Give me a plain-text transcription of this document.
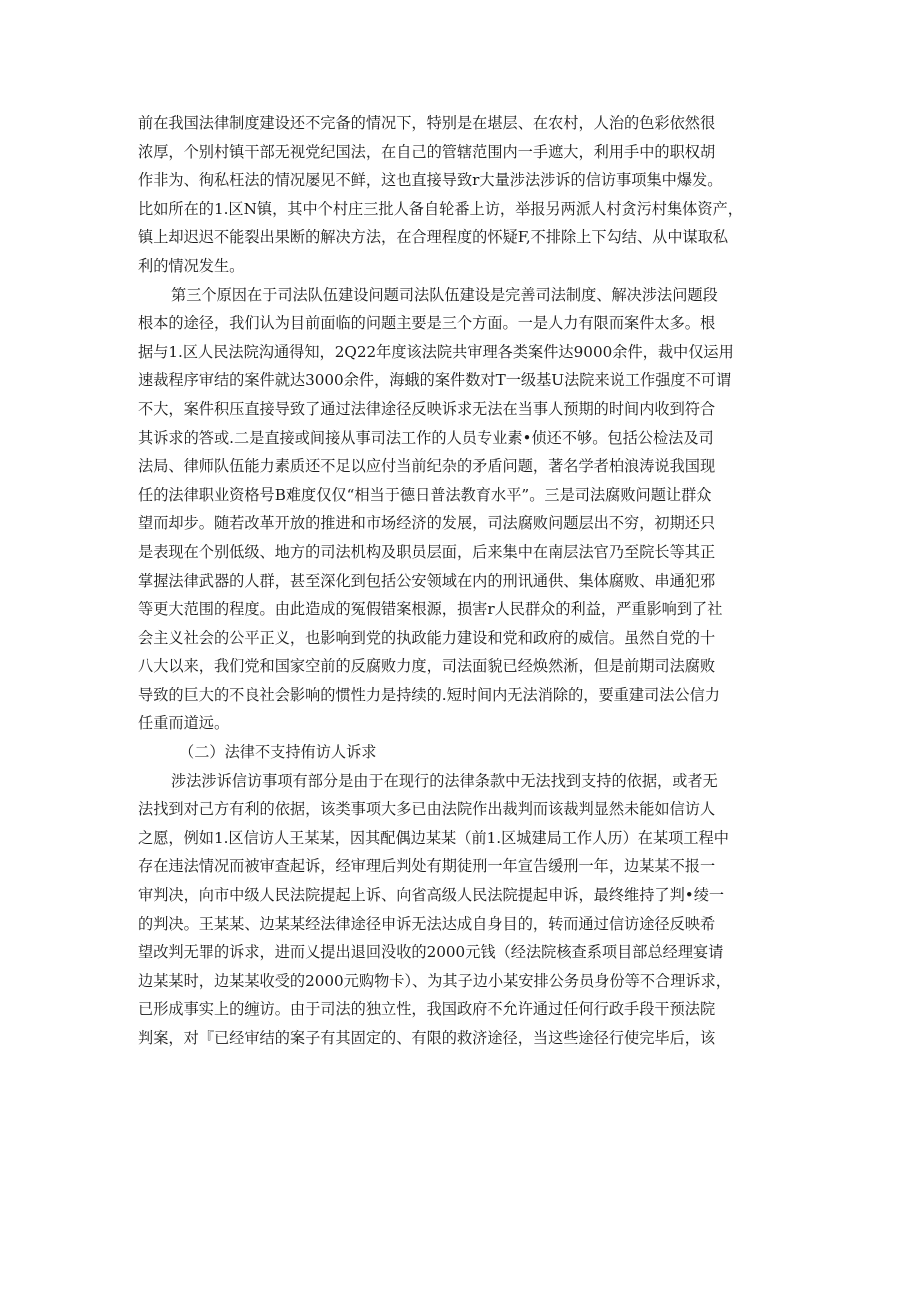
前在我国法律制度建设还不完备的情况下，特别是在堪层、在农村，人治的色彩依然很
浓厚，个别村镇干部无视党纪国法，在自己的管辖范围内一手遮大，利用手中的职权胡
作非为、徇私枉法的情况屡见不鲜，这也直接导致r大量涉法涉诉的信访事项集中爆发。
比如所在的1.区N镇，其中个村庄三批人备自轮番上访，举报另两派人村贪污村集体资产，
镇上却迟迟不能裂出果断的解决方法，在合理程度的怀疑F,不排除上下勾结、从中谋取私
利的情况发生。

第三个原因在于司法队伍建设问题司法队伍建设是完善司法制度、解决涉法问题段
根本的途径，我们认为目前面临的问题主要是三个方面。一是人力有限而案件太多。根
据与1.区人民法院沟通得知，2Q22年度该法院共审理各类案件达9000余件，裁中仅运用
速裁程序审结的案件就达3000余件，海蛾的案件数对T一级基U法院来说工作强度不可谓
不大，案件积压直接导致了通过法律途径反映诉求无法在当事人预期的时间内收到符合
其诉求的答或.二是直接或间接从事司法工作的人员专业素•侦还不够。包括公检法及司
法局、律师队伍能力素质还不足以应付当前纪杂的矛盾问题，著名学者柏浪涛说我国现
任的法律职业资格号B难度仅仅“相当于德日普法教育水平”。三是司法腐败问题让群众
望而却步。随若改革开放的推进和市场经济的发展，司法腐败问题层出不穷，初期还只
是表现在个别低级、地方的司法机构及职员层面，后来集中在南层法官乃至院长等其正
掌握法律武器的人群，甚至深化到包括公安领域在内的刑讯通供、集体腐败、串通犯邪
等更大范围的程度。由此造成的冤假错案根源，损害r人民群众的利益，严重影响到了社
会主义社会的公平正义，也影响到党的执政能力建设和党和政府的威信。虽然自党的十
八大以来，我们党和国家空前的反腐败力度，司法面貌已经焕然淅，但是前期司法腐败
导致的巨大的不良社会影响的惯性力是持续的.短时间内无法消除的，要重建司法公信力
任重而道远。

（二）法律不支持侑访人诉求

涉法涉诉信访事项有部分是由于在现行的法律条款中无法找到支持的依据，或者无
法找到对己方有利的依据，该类事项大多已由法院作出裁判而该裁判显然未能如信访人
之愿，例如1.区信访人王某某，因其配偶边某某（前1.区城建局工作人历）在某项工程中
存在违法情况而被审查起诉，经审理后判处有期徒刑一年宣告缓刑一年，边某某不报一
审判决，向市中级人民法院提起上诉、向省高级人民法院提起申诉，最终维持了判•绫一
的判决。王某某、边某某经法律途径申诉无法达成自身目的，转而通过信访途径反映希
望改判无罪的诉求，进而乂提出退回没收的2000元钱（经法院核查系项目部总经理宴请
边某某时，边某某收受的2000元购物卡）、为其子边小某安排公务员身份等不合理诉求，
已形成事实上的缠访。由于司法的独立性，我国政府不允许通过任何行政手段干预法院
判案，对『已经审结的案子有其固定的、有限的救济途径，当这些途径行使完毕后，该
